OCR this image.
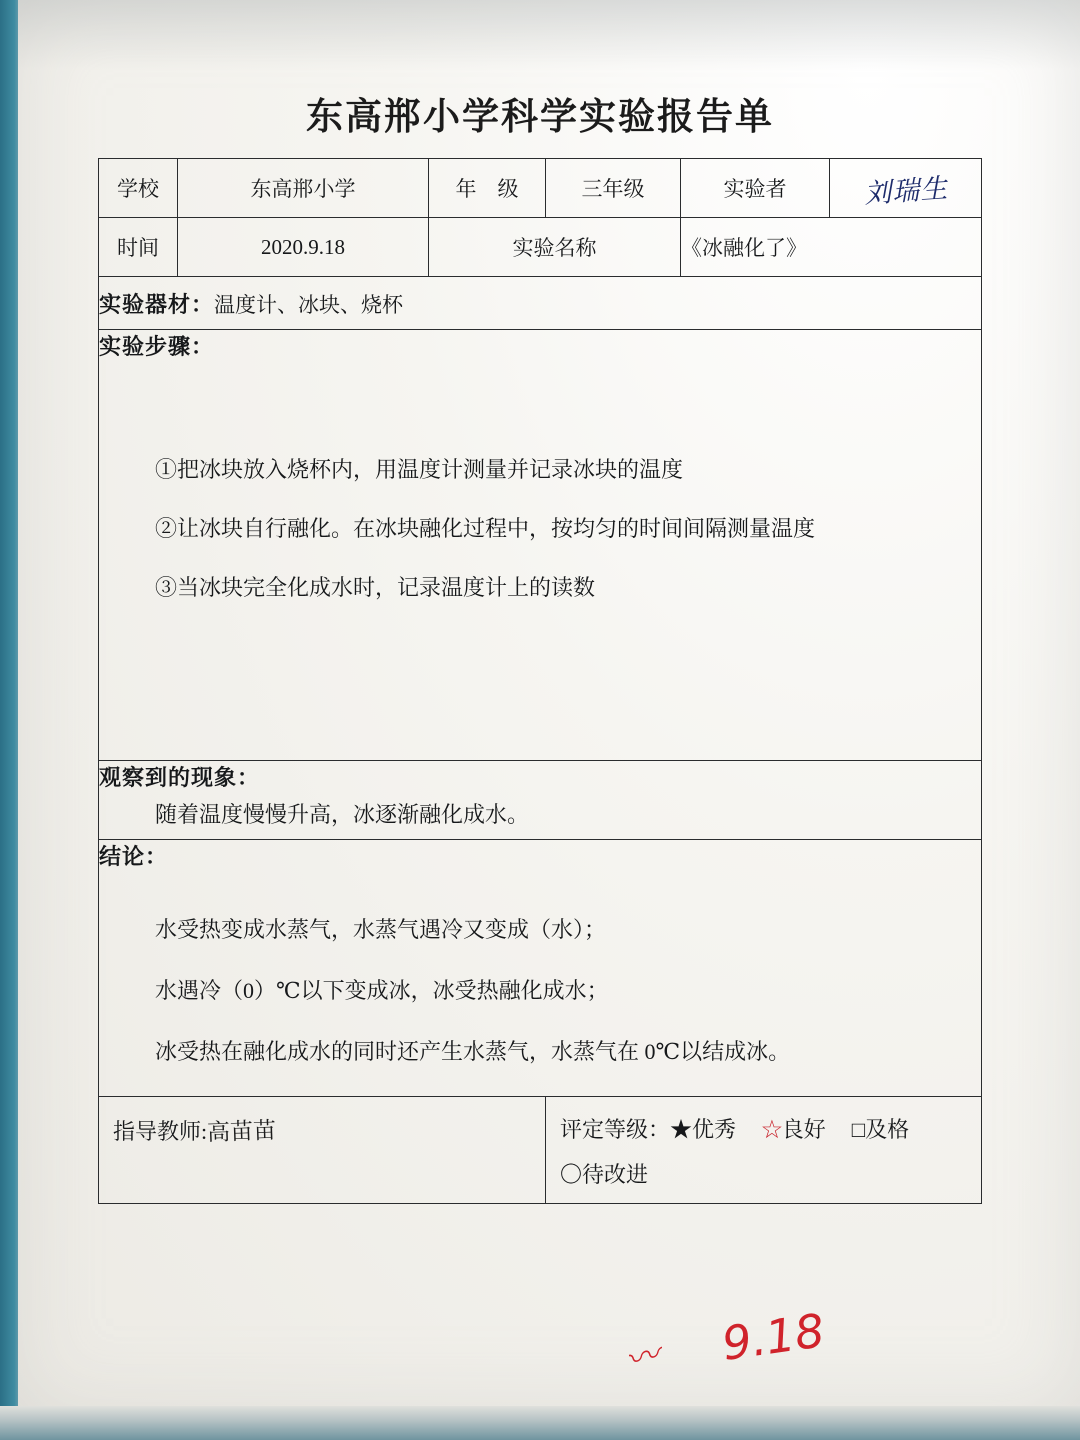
东高郱小学科学实验报告单
学校	东高郱小学	年　级	三年级	实验者	刘瑞生
时间	2020.9.18	实验名称		《冰融化了》	
实验器材：温度计、冰块、烧杯					

实验步骤：
①把冰块放入烧杯内，用温度计测量并记录冰块的温度
②让冰块自行融化。在冰块融化过程中，按均匀的时间间隔测量温度
③当冰块完全化成水时，记录温度计上的读数					

观察到的现象：
随着温度慢慢升高，冰逐渐融化成水。					

结论：
水受热变成水蒸气，水蒸气遇冷又变成（水）；
水遇冷（0）℃以下变成冰，冰受热融化成水；
冰受热在融化成水的同时还产生水蒸气，水蒸气在 0℃以结成冰。					

指导教师:高苗苗			评定等级：★优秀 ☆良好 □及格
〇待改进		
〰 9.18
